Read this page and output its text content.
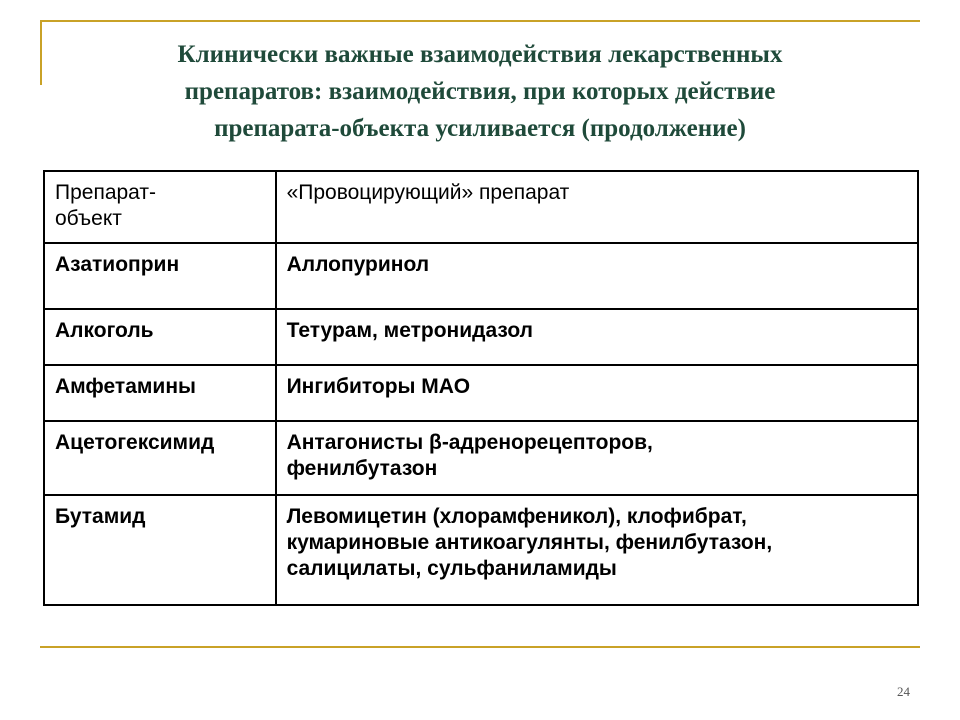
Клинически важные взаимодействия лекарственных
препаратов: взаимодействия, при которых действие
препарата-объекта усиливается (продолжение)
Препарат-
объект	«Провоцирующий» препарат
Азатиоприн	Аллопуринол

Алкоголь	Тетурам, метронидазол

Амфетамины	Ингибиторы МАО

Ацетогексимид	Антагонисты β-адренорецепторов,
фенилбутазон

Бутамид	Левомицетин (хлорамфеникол), клофибрат,
кумариновые антикоагулянты, фенилбутазон,
салицилаты, сульфаниламиды
24
